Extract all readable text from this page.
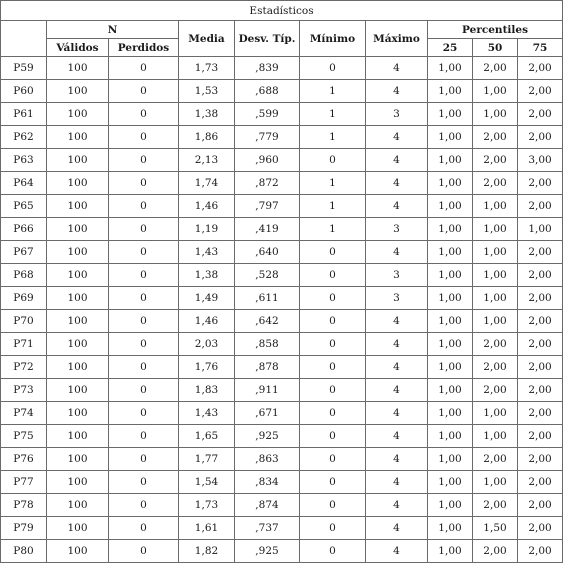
Estadísticos									
	N		Media	Desv. Típ.	Mínimo	Máximo	Percentiles		
	Válidos	Perdidos					25	50	75
P59	100	0	1,73	,839	0	4	1,00	2,00	2,00
P60	100	0	1,53	,688	1	4	1,00	1,00	2,00
P61	100	0	1,38	,599	1	3	1,00	1,00	2,00
P62	100	0	1,86	,779	1	4	1,00	2,00	2,00
P63	100	0	2,13	,960	0	4	1,00	2,00	3,00
P64	100	0	1,74	,872	1	4	1,00	2,00	2,00
P65	100	0	1,46	,797	1	4	1,00	1,00	2,00
P66	100	0	1,19	,419	1	3	1,00	1,00	1,00
P67	100	0	1,43	,640	0	4	1,00	1,00	2,00
P68	100	0	1,38	,528	0	3	1,00	1,00	2,00
P69	100	0	1,49	,611	0	3	1,00	1,00	2,00
P70	100	0	1,46	,642	0	4	1,00	1,00	2,00
P71	100	0	2,03	,858	0	4	1,00	2,00	2,00
P72	100	0	1,76	,878	0	4	1,00	2,00	2,00
P73	100	0	1,83	,911	0	4	1,00	2,00	2,00
P74	100	0	1,43	,671	0	4	1,00	1,00	2,00
P75	100	0	1,65	,925	0	4	1,00	1,00	2,00
P76	100	0	1,77	,863	0	4	1,00	2,00	2,00
P77	100	0	1,54	,834	0	4	1,00	1,00	2,00
P78	100	0	1,73	,874	0	4	1,00	2,00	2,00
P79	100	0	1,61	,737	0	4	1,00	1,50	2,00
P80	100	0	1,82	,925	0	4	1,00	2,00	2,00
